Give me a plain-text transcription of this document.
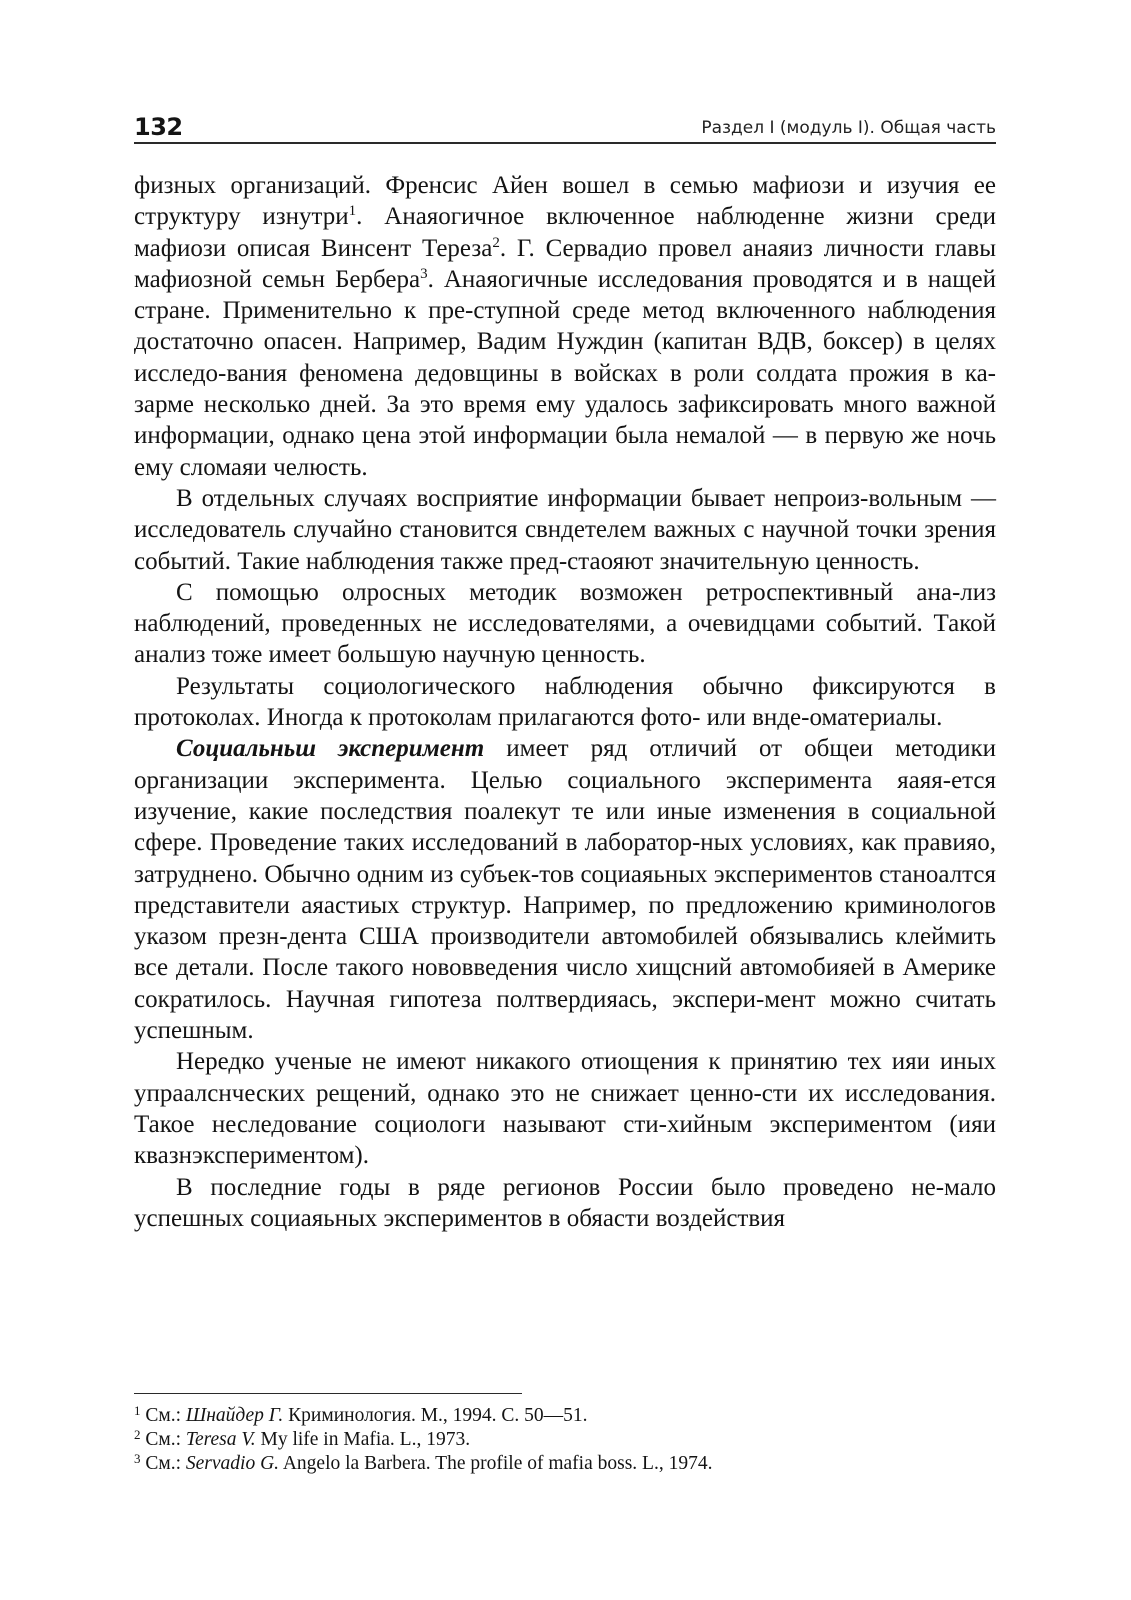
132	Раздел I (модуль I). Общая часть

физных организаций. Френсис Айен вошел в семью мафиози и изучия ее структуру изнутри$^1$. Анаяогичное включенное наблюденне жизни среди мафиози описая Винсент Тереза$^2$. Г. Сервадио провел анаяиз личности главы мафиозной семьн Бербера$^3$. Анаяогичные исследования проводятся и в нащей стране. Применительно к пре-ступной среде метод включенного наблюдения достаточно опасен. Например, Вадим Нуждин (капитан ВДВ, боксер) в целях исследо-вания феномена дедовщины в войсках в роли солдата прожия в ка-зарме несколько дней. За это время ему удалось зафиксировать много важной информации, однако цена этой информации была немалой — в первую же ночь ему сломаяи челюсть.

В отдельных случаях восприятие информации бывает непроиз-вольным — исследователь случайно становится свндетелем важных с научной точки зрения событий. Такие наблюдения также пред-стаояют значительную ценность.

С помощью олросных методик возможен ретроспективный ана-лиз наблюдений, проведенных не исследователями, а очевидцами событий. Такой анализ тоже имеет большую научную ценность.

Результаты социологического наблюдения обычно фиксируются в протоколах. Иногда к протоколам прилагаются фото- или внде-оматериалы.

Социальньш эксперимент имеет ряд отличий от общеи методики организации эксперимента. Целью социального эксперимента яаяя-ется изучение, какие последствия поалекут те или иные изменения в социальной сфере. Проведение таких исследований в лаборатор-ных условиях, как правияо, затруднено. Обычно одним из субъек-тов социаяьных экспериментов станоалтся представители аяастиых структур. Например, по предложению криминологов указом презн-дента США производители автомобилей обязывались клеймить все детали. После такого нововведения число хищсний автомобияей в Америке сократилось. Научная гипотеза полтвердияась, экспери-мент можно считать успешным.

Нередко ученые не имеют никакого отиощения к принятию тех ияи иных упраалснческих рещений, однако это не снижает ценно-сти их исследования. Такое неследование социологи называют сти-хийным экспериментом (ияи квазнэкспериментом).

В последние годы в ряде регионов России было проведено не-мало успешных социаяьных экспериментов в обяасти воздействия

$^1$ См.: Шнайдер Г. Криминология. М., 1994. С. 50—51.

$^2$ См.: Teresa V. My life in Mafia. L., 1973.

$^3$ См.: Servadio G. Angelo la Barbera. The profile of mafia boss. L., 1974.
